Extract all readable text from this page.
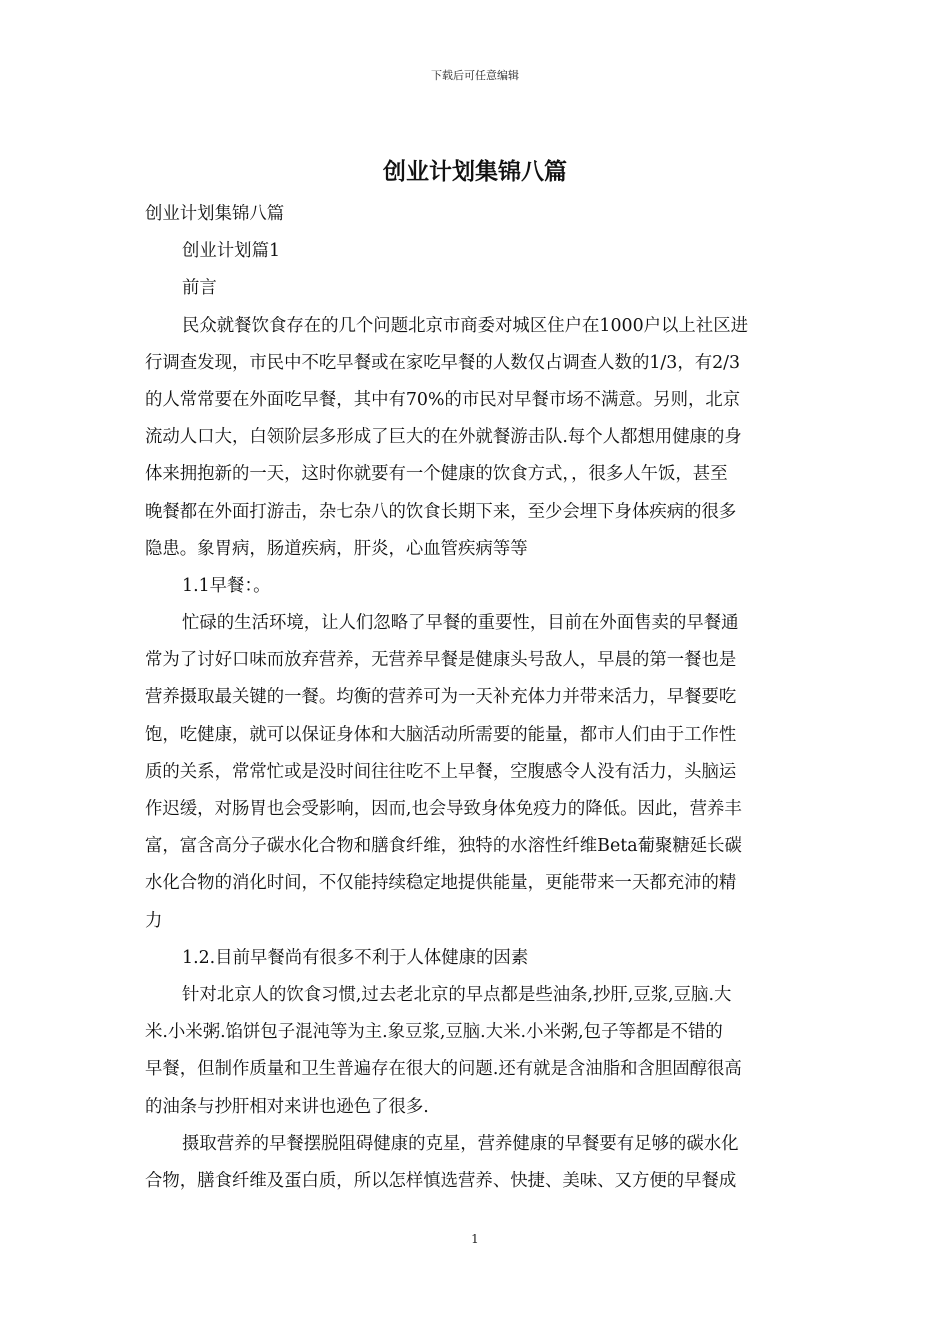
下载后可任意编辑
创业计划集锦八篇
创业计划集锦八篇
创业计划篇1
前言
民众就餐饮食存在的几个问题北京市商委对城区住户在1000户以上社区进
行调查发现，市民中不吃早餐或在家吃早餐的人数仅占调查人数的1/3，有2/3
的人常常要在外面吃早餐，其中有70%的市民对早餐市场不满意。另则，北京
流动人口大，白领阶层多形成了巨大的在外就餐游击队.每个人都想用健康的身
体来拥抱新的一天，这时你就要有一个健康的饮食方式，，很多人午饭，甚至
晚餐都在外面打游击，杂七杂八的饮食长期下来，至少会埋下身体疾病的很多
隐患。象胃病，肠道疾病，肝炎，心血管疾病等等
1.1早餐：。
忙碌的生活环境，让人们忽略了早餐的重要性，目前在外面售卖的早餐通
常为了讨好口味而放弃营养，无营养早餐是健康头号敌人，早晨的第一餐也是
营养摄取最关键的一餐。均衡的营养可为一天补充体力并带来活力，早餐要吃
饱，吃健康，就可以保证身体和大脑活动所需要的能量，都市人们由于工作性
质的关系，常常忙或是没时间往往吃不上早餐，空腹感令人没有活力，头脑运
作迟缓，对肠胃也会受影响，因而,也会导致身体免疫力的降低。因此，营养丰
富，富含高分子碳水化合物和膳食纤维，独特的水溶性纤维Beta葡聚糖延长碳
水化合物的消化时间，不仅能持续稳定地提供能量，更能带来一天都充沛的精
力
1.2.目前早餐尚有很多不利于人体健康的因素
针对北京人的饮食习惯,过去老北京的早点都是些油条,抄肝,豆浆,豆脑.大
米.小米粥.馅饼包子混沌等为主.象豆浆,豆脑.大米.小米粥,包子等都是不错的
早餐，但制作质量和卫生普遍存在很大的问题.还有就是含油脂和含胆固醇很高
的油条与抄肝相对来讲也逊色了很多.
摄取营养的早餐摆脱阻碍健康的克星，营养健康的早餐要有足够的碳水化
合物，膳食纤维及蛋白质，所以怎样慎选营养、快捷、美味、又方便的早餐成
1
